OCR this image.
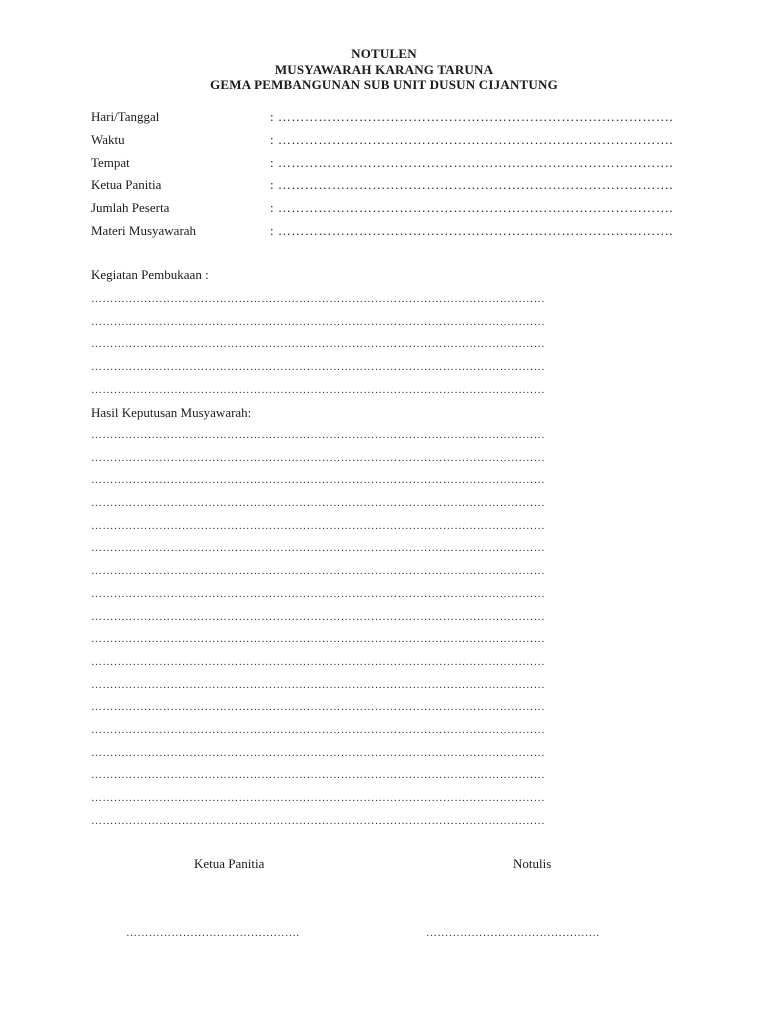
NOTULEN
MUSYAWARAH KARANG TARUNA
GEMA PEMBANGUNAN SUB UNIT DUSUN CIJANTUNG
Hari/Tanggal	: …………………………………………………………………………….
Waktu	: …………………………………………………………………………….
Tempat	: …………………………………………………………………………….
Ketua Panitia	: …………………………………………………………………………….
Jumlah Peserta	: …………………………………………………………………………….
Materi Musyawarah	: …………………………………………………………………………….
Kegiatan Pembukaan :
…………………………………………………………………………………………………………
…………………………………………………………………………………………………………
…………………………………………………………………………………………………………
…………………………………………………………………………………………………………
…………………………………………………………………………………………………………
Hasil Keputusan Musyawarah:
…………………………………………………………………………………………………………
…………………………………………………………………………………………………………
…………………………………………………………………………………………………………
…………………………………………………………………………………………………………
…………………………………………………………………………………………………………
…………………………………………………………………………………………………………
…………………………………………………………………………………………………………
…………………………………………………………………………………………………………
…………………………………………………………………………………………………………
…………………………………………………………………………………………………………
…………………………………………………………………………………………………………
…………………………………………………………………………………………………………
…………………………………………………………………………………………………………
…………………………………………………………………………………………………………
…………………………………………………………………………………………………………
…………………………………………………………………………………………………………
…………………………………………………………………………………………………………
…………………………………………………………………………………………………………
Ketua Panitia	Notulis
……………………………………….	……………………………………….
